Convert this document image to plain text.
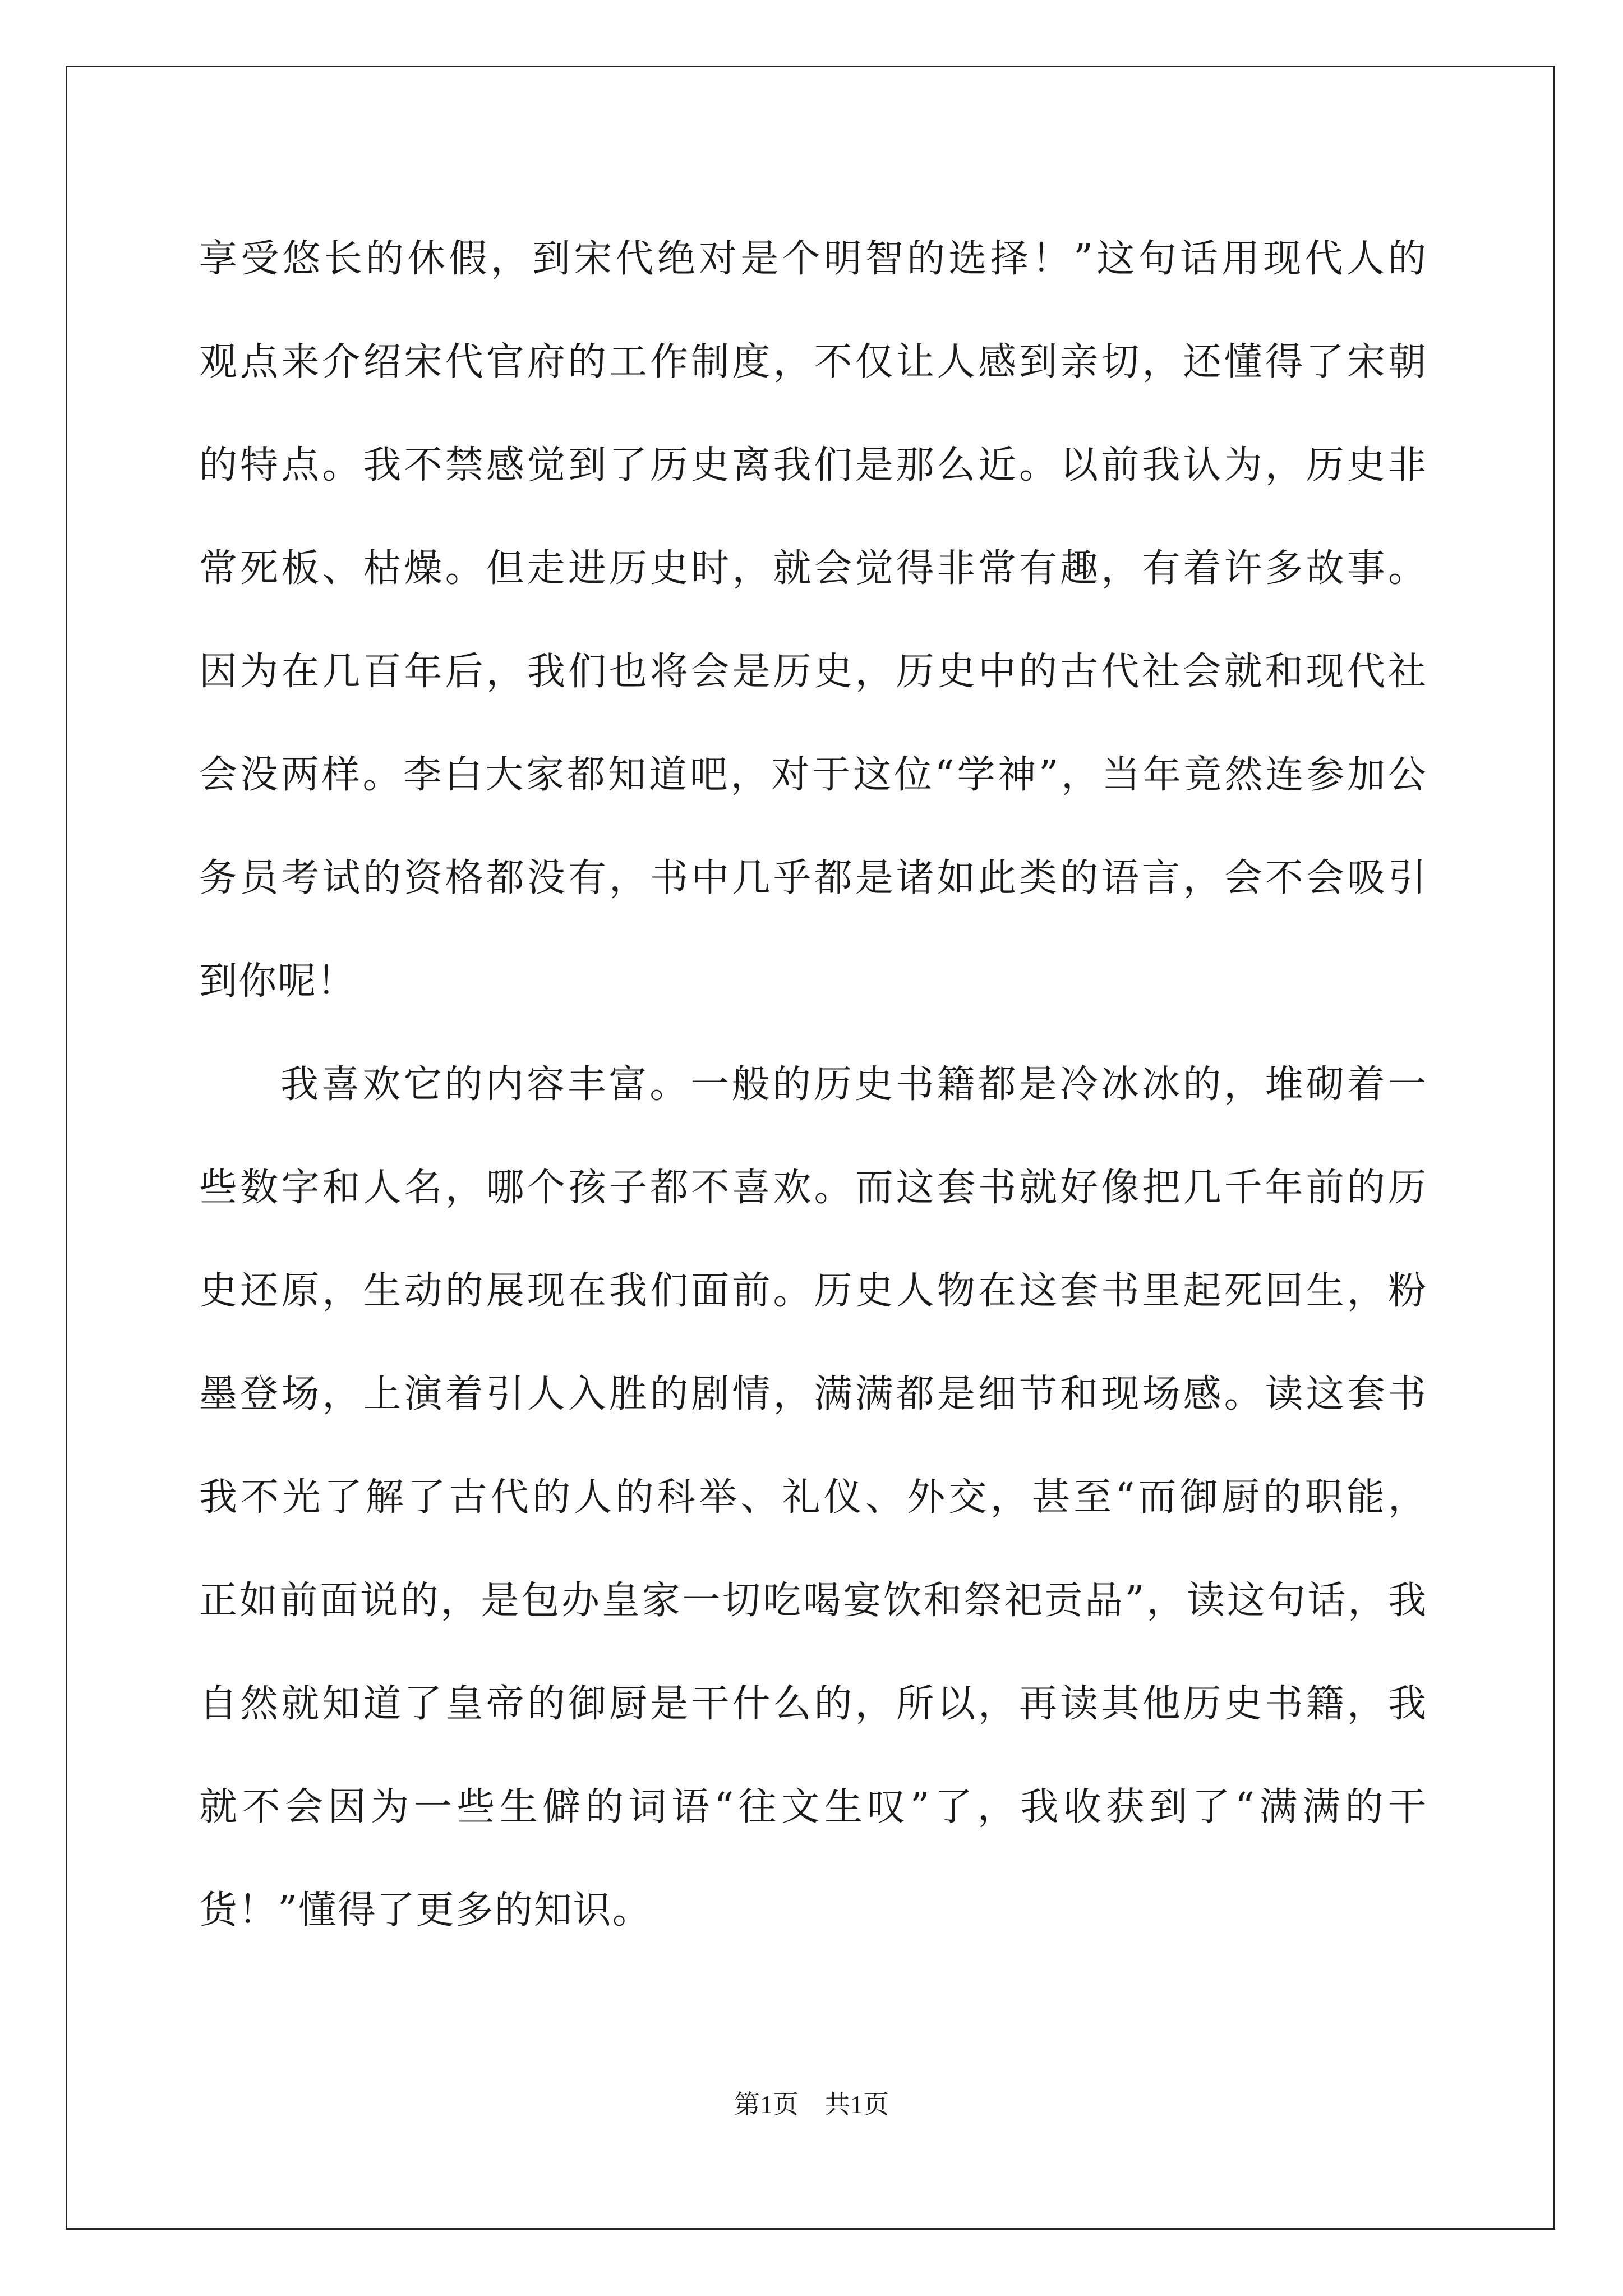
享受悠长的休假，到宋代绝对是个明智的选择！”这句话用现代人的
观点来介绍宋代官府的工作制度，不仅让人感到亲切，还懂得了宋朝
的特点。我不禁感觉到了历史离我们是那么近。以前我认为，历史非
常死板、枯燥。但走进历史时，就会觉得非常有趣，有着许多故事。
因为在几百年后，我们也将会是历史，历史中的古代社会就和现代社
会没两样。李白大家都知道吧，对于这位“学神”，当年竟然连参加公
务员考试的资格都没有，书中几乎都是诸如此类的语言，会不会吸引
到你呢！
我喜欢它的内容丰富。一般的历史书籍都是冷冰冰的，堆砌着一
些数字和人名，哪个孩子都不喜欢。而这套书就好像把几千年前的历
史还原，生动的展现在我们面前。历史人物在这套书里起死回生，粉
墨登场，上演着引人入胜的剧情，满满都是细节和现场感。读这套书
我不光了解了古代的人的科举、礼仪、外交，甚至“而御厨的职能，
正如前面说的，是包办皇家一切吃喝宴饮和祭祀贡品”，读这句话，我
自然就知道了皇帝的御厨是干什么的，所以，再读其他历史书籍，我
就不会因为一些生僻的词语“往文生叹”了，我收获到了“满满的干
货！”懂得了更多的知识。
第1页 共1页
